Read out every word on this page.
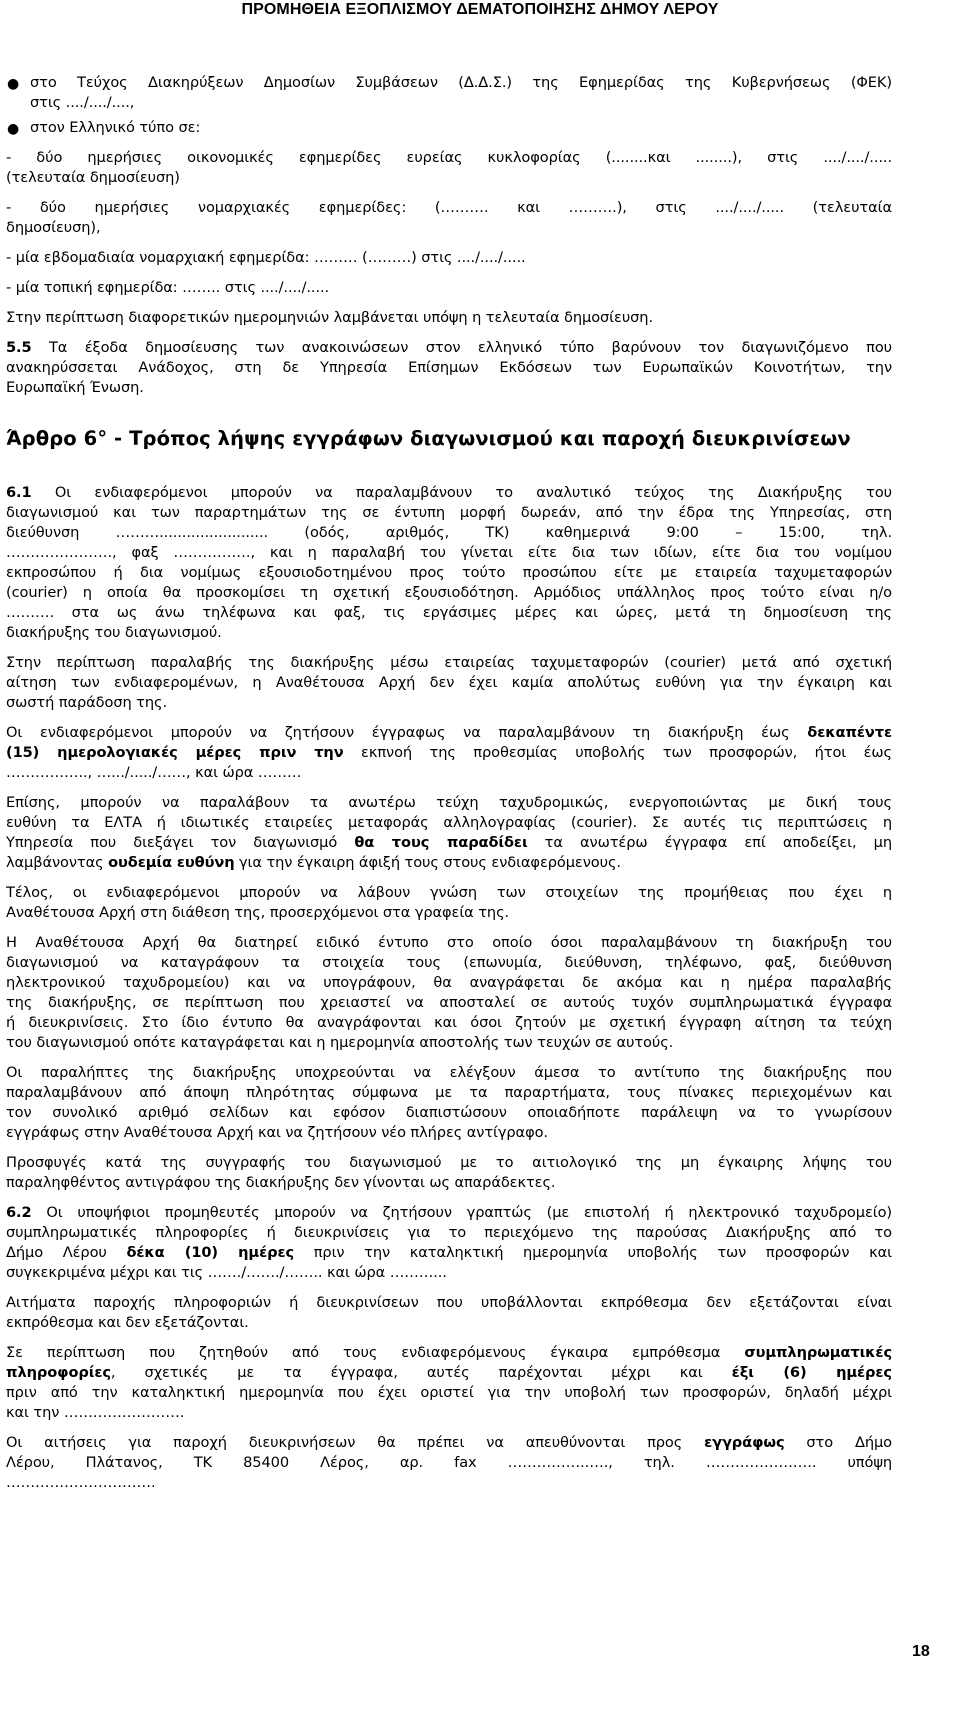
ΠΡΟΜΗΘΕΙΑ ΕΞΟΠΛΙΣΜΟΥ ΔΕΜΑΤΟΠΟΙΗΣΗΣ ΔΗΜΟΥ ΛΕΡΟΥ
● στο Τεύχος Διακηρύξεων Δημοσίων Συμβάσεων (Δ.Δ.Σ.) της Εφημερίδας της Κυβερνήσεως (ΦΕΚ)
στις ..../..../....,
● στον Ελληνικό τύπο σε:
- δύο ημερήσιες οικονομικές εφημερίδες ευρείας κυκλοφορίας (........και ........), στις ..../..../.....
(τελευταία δημοσίευση)
- δύο ημερήσιες νομαρχιακές εφημερίδες: (………. και ……….), στις ..../..../..... (τελευταία
δημοσίευση),
- μία εβδομαδιαία νομαρχιακή εφημερίδα: ……… (………) στις ..../..../.....
- μία τοπική εφημερίδα: …….. στις ..../..../.....
Στην περίπτωση διαφορετικών ημερομηνιών λαμβάνεται υπόψη η τελευταία δημοσίευση.
5.5 Τα έξοδα δημοσίευσης των ανακοινώσεων στον ελληνικό τύπο βαρύνουν τον διαγωνιζόμενο που
ανακηρύσσεται Ανάδοχος, στη δε Υπηρεσία Επίσημων Εκδόσεων των Ευρωπαϊκών Κοινοτήτων, την
Ευρωπαϊκή Ένωση.
Άρθρο 6° - Τρόπος λήψης εγγράφων διαγωνισμού και παροχή διευκρινίσεων
6.1 Οι ενδιαφερόμενοι μπορούν να παραλαμβάνουν το αναλυτικό τεύχος της Διακήρυξης του
διαγωνισμού και των παραρτημάτων της σε έντυπη μορφή δωρεάν, από την έδρα της Υπηρεσίας, στη
διεύθυνση ………........................ (οδός, αριθμός, ΤΚ) καθημερινά 9:00 – 15:00, τηλ.
…………………., φαξ ……………., και η παραλαβή του γίνεται είτε δια των ιδίων, είτε δια του νομίμου
εκπροσώπου ή δια νομίμως εξουσιοδοτημένου προς τούτο προσώπου είτε με εταιρεία ταχυμεταφορών
(courier) η οποία θα προσκομίσει τη σχετική εξουσιοδότηση. Αρμόδιος υπάλληλος προς τούτο είναι η/ο
………. στα ως άνω τηλέφωνα και φαξ, τις εργάσιμες μέρες και ώρες, μετά τη δημοσίευση της
διακήρυξης του διαγωνισμού.
Στην περίπτωση παραλαβής της διακήρυξης μέσω εταιρείας ταχυμεταφορών (courier) μετά από σχετική
αίτηση των ενδιαφερομένων, η Αναθέτουσα Αρχή δεν έχει καμία απολύτως ευθύνη για την έγκαιρη και
σωστή παράδοση της.
Οι ενδιαφερόμενοι μπορούν να ζητήσουν έγγραφως να παραλαμβάνουν τη διακήρυξη έως δεκαπέντε
(15) ημερολογιακές μέρες πριν την εκπνοή της προθεσμίας υποβολής των προσφορών, ήτοι έως
…………….., ….../...../……, και ώρα ………
Επίσης, μπορούν να παραλάβουν τα ανωτέρω τεύχη ταχυδρομικώς, ενεργοποιώντας με δική τους
ευθύνη τα ΕΛΤΑ ή ιδιωτικές εταιρείες μεταφοράς αλληλογραφίας (courier). Σε αυτές τις περιπτώσεις η
Υπηρεσία που διεξάγει τον διαγωνισμό θα τους παραδίδει τα ανωτέρω έγγραφα επί αποδείξει, μη
λαμβάνοντας ουδεμία ευθύνη για την έγκαιρη άφιξή τους στους ενδιαφερόμενους.
Τέλος, οι ενδιαφερόμενοι μπορούν να λάβουν γνώση των στοιχείων της προμήθειας που έχει η
Αναθέτουσα Αρχή στη διάθεση της, προσερχόμενοι στα γραφεία της.
Η Αναθέτουσα Αρχή θα διατηρεί ειδικό έντυπο στο οποίο όσοι παραλαμβάνουν τη διακήρυξη του
διαγωνισμού να καταγράφουν τα στοιχεία τους (επωνυμία, διεύθυνση, τηλέφωνο, φαξ, διεύθυνση
ηλεκτρονικού ταχυδρομείου) και να υπογράφουν, θα αναγράφεται δε ακόμα και η ημέρα παραλαβής
της διακήρυξης, σε περίπτωση που χρειαστεί να αποσταλεί σε αυτούς τυχόν συμπληρωματικά έγγραφα
ή διευκρινίσεις. Στο ίδιο έντυπο θα αναγράφονται και όσοι ζητούν με σχετική έγγραφη αίτηση τα τεύχη
του διαγωνισμού οπότε καταγράφεται και η ημερομηνία αποστολής των τευχών σε αυτούς.
Οι παραλήπτες της διακήρυξης υποχρεούνται να ελέγξουν άμεσα το αντίτυπο της διακήρυξης που
παραλαμβάνουν από άποψη πληρότητας σύμφωνα με τα παραρτήματα, τους πίνακες περιεχομένων και
τον συνολικό αριθμό σελίδων και εφόσον διαπιστώσουν οποιαδήποτε παράλειψη να το γνωρίσουν
εγγράφως στην Αναθέτουσα Αρχή και να ζητήσουν νέο πλήρες αντίγραφο.
Προσφυγές κατά της συγγραφής του διαγωνισμού με το αιτιολογικό της μη έγκαιρης λήψης του
παραληφθέντος αντιγράφου της διακήρυξης δεν γίνονται ως απαράδεκτες.
6.2 Οι υποψήφιοι προμηθευτές μπορούν να ζητήσουν γραπτώς (με επιστολή ή ηλεκτρονικό ταχυδρομείο)
συμπληρωματικές πληροφορίες ή διευκρινίσεις για το περιεχόμενο της παρούσας Διακήρυξης από το
Δήμο Λέρου δέκα (10) ημέρες πριν την καταληκτική ημερομηνία υποβολής των προσφορών και
συγκεκριμένα μέχρι και τις ……./……./…….. και ώρα ………...
Αιτήματα παροχής πληροφοριών ή διευκρινίσεων που υποβάλλονται εκπρόθεσμα δεν εξετάζονται είναι
εκπρόθεσμα και δεν εξετάζονται.
Σε περίπτωση που ζητηθούν από τους ενδιαφερόμενους έγκαιρα εμπρόθεσμα συμπληρωματικές
πληροφορίες, σχετικές με τα έγγραφα, αυτές παρέχονται μέχρι και έξι (6) ημέρες
πριν από την καταληκτική ημερομηνία που έχει οριστεί για την υποβολή των προσφορών, δηλαδή μέχρι
και την …………………….
Οι αιτήσεις για παροχή διευκρινήσεων θα πρέπει να απευθύνονται προς εγγράφως στο Δήμο
Λέρου, Πλάτανος, ΤΚ 85400 Λέρος, αρ. fax ……………..…., τηλ. ………………….. υπόψη
………………………….
18
